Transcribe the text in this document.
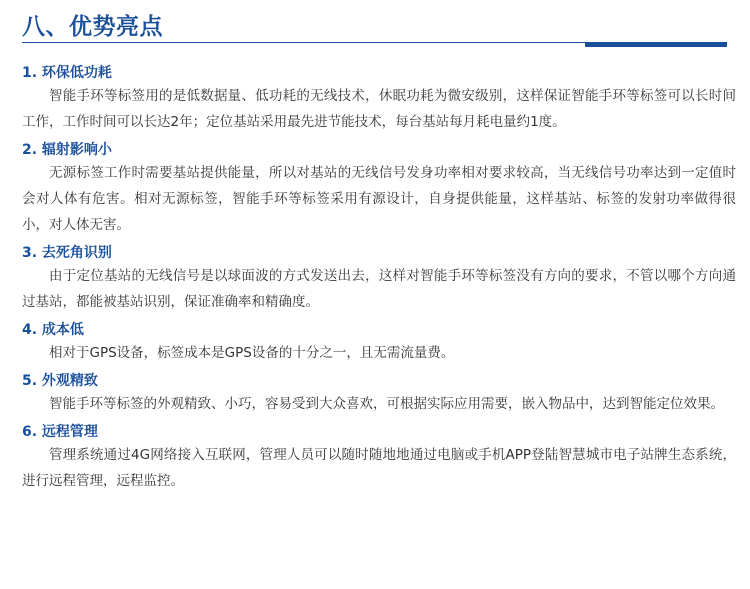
八、优势亮点

1. 环保低功耗

智能手环等标签用的是低数据量、低功耗的无线技术，休眠功耗为微安级别，这样保证智能手环等标签可以长时间工作，工作时间可以长达2年；定位基站采用最先进节能技术，每台基站每月耗电量约1度。

2. 辐射影响小

无源标签工作时需要基站提供能量，所以对基站的无线信号发身功率相对要求较高，当无线信号功率达到一定值时会对人体有危害。相对无源标签，智能手环等标签采用有源设计，自身提供能量，这样基站、标签的发射功率做得很小，对人体无害。

3. 去死角识别

由于定位基站的无线信号是以球面波的方式发送出去，这样对智能手环等标签没有方向的要求，不管以哪个方向通过基站，都能被基站识别，保证准确率和精确度。

4. 成本低

相对于GPS设备，标签成本是GPS设备的十分之一，且无需流量费。

5. 外观精致

智能手环等标签的外观精致、小巧，容易受到大众喜欢，可根据实际应用需要，嵌入物品中，达到智能定位效果。

6. 远程管理

管理系统通过4G网络接入互联网，管理人员可以随时随地地通过电脑或手机APP登陆智慧城市电子站牌生态系统，进行远程管理，远程监控。
